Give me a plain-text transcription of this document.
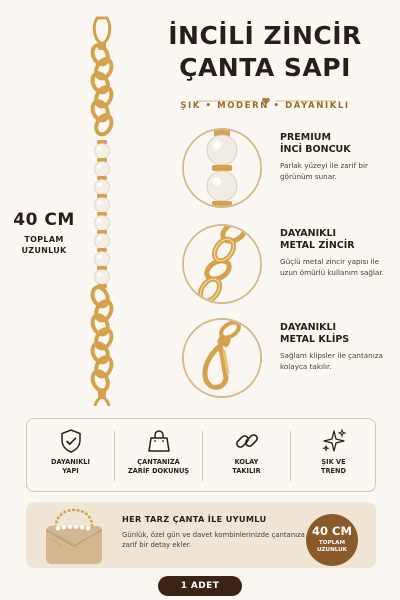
40 CM
TOPLAM
UZUNLUK
İNCİLİ ZİNCİR
ÇANTA SAPI
ŞIK • MODERN • DAYANIKLI
PREMIUM
İNCİ BONCUK
Parlak yüzeyi ile zarif bir görünüm sunar.
DAYANIKLI
METAL ZİNCİR
Güçlü metal zincir yapısı ile uzun ömürlü kullanım sağlar.
DAYANIKLI
METAL KLİPS
Sağlam klipsler ile çantanıza kolayca takılır.
DAYANIKLI
YAPI
ÇANTANIZA
ZARİF DOKUNUŞ
KOLAY
TAKILIR
ŞIK VE
TREND
HER TARZ ÇANTA İLE UYUMLU
Günlük, özel gün ve davet kombinlerinizde çantanıza zarif bir detay ekler.
40 CM
TOPLAM
UZUNLUK
1 ADET
